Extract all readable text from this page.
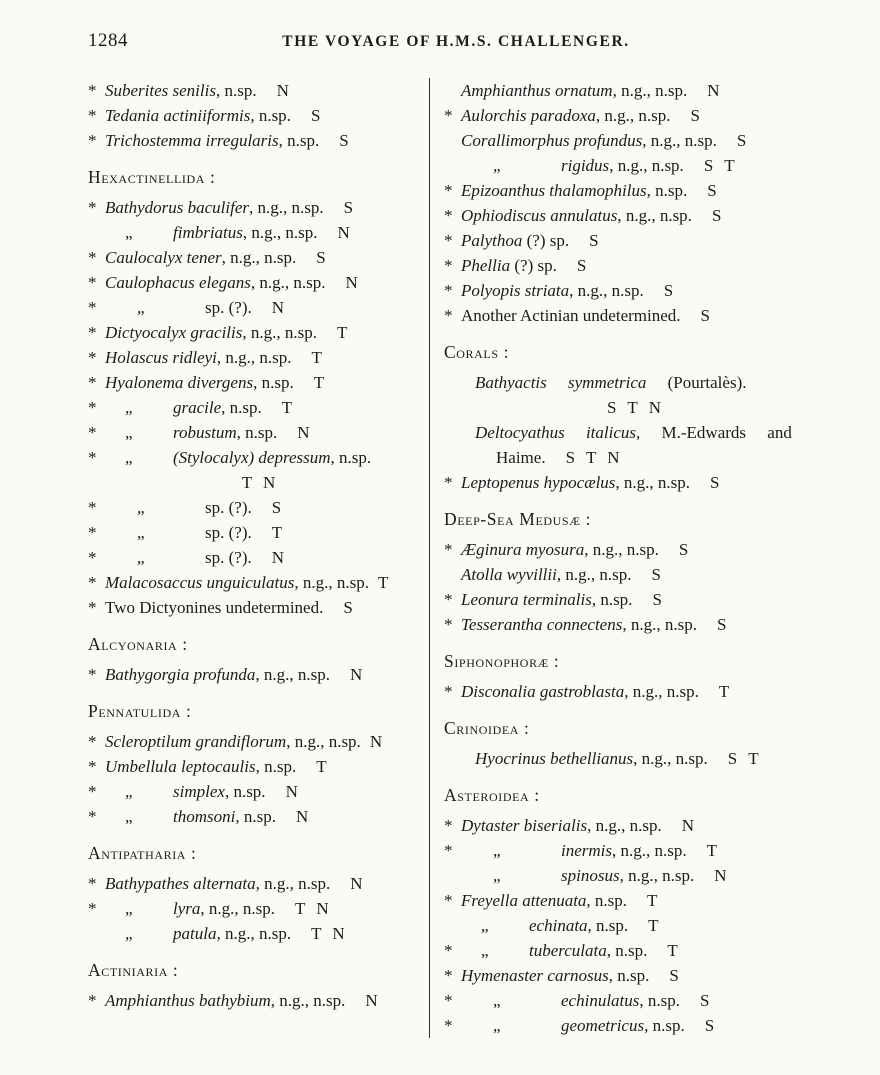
1284	THE VOYAGE OF H.M.S. CHALLENGER.
* Suberites senilis, n.sp. N
* Tedania actiniiformis, n.sp. S
* Trichostemma irregularis, n.sp. S
Hexactinellida :
* Bathydorus baculifer, n.g., n.sp. S
„ fimbriatus, n.g., n.sp. N
* Caulocalyx tener, n.g., n.sp. S
* Caulophacus elegans, n.g., n.sp. N
* „	sp. (?). N
* Dictyocalyx gracilis, n.g., n.sp. T
* Holascus ridleyi, n.g., n.sp. T
* Hyalonema divergens, n.sp. T
* „ gracile, n.sp. T
* „ robustum, n.sp. N
* „ (Stylocalyx) depressum, n.sp.
T N
* „	sp. (?). S
* „	sp. (?). T
* „	sp. (?). N
* Malacosaccus unguiculatus, n.g., n.sp. T
* Two Dictyonines undetermined. S
Alcyonaria :
* Bathygorgia profunda, n.g., n.sp. N
Pennatulida :
* Scleroptilum grandiflorum, n.g., n.sp. N
* Umbellula leptocaulis, n.sp. T
* „ simplex, n.sp. N
* „ thomsoni, n.sp. N
Antipatharia :
* Bathypathes alternata, n.g., n.sp. N
* „ lyra, n.g., n.sp. T N
„ patula, n.g., n.sp. T N
Actiniaria :
* Amphianthus bathybium, n.g., n.sp. N
Amphianthus ornatum, n.g., n.sp. N
* Aulorchis paradoxa, n.g., n.sp. S
Corallimorphus profundus, n.g., n.sp. S
„	rigidus, n.g., n.sp. S T
* Epizoanthus thalamophilus, n.sp. S
* Ophiodiscus annulatus, n.g., n.sp. S
* Palythoa (?) sp. S
* Phellia (?) sp. S
* Polyopis striata, n.g., n.sp. S
* Another Actinian undetermined. S
Corals :
Bathyactis symmetrica (Pourtalès).
S T N
Deltocyathus italicus, M.-Edwards and
Haime. S T N
* Leptopenus hypocælus, n.g., n.sp. S
Deep-Sea Medusæ :
* Æginura myosura, n.g., n.sp. S
Atolla wyvillii, n.g., n.sp. S
* Leonura terminalis, n.sp. S
* Tesserantha connectens, n.g., n.sp. S
Siphonophoræ :
* Disconalia gastroblasta, n.g., n.sp. T
Crinoidea :
Hyocrinus bethellianus, n.g., n.sp. S T
Asteroidea :
* Dytaster biserialis, n.g., n.sp. N
* „	inermis, n.g., n.sp. T
„	spinosus, n.g., n.sp. N
* Freyella attenuata, n.sp. T
„ echinata, n.sp. T
* „ tuberculata, n.sp. T
* Hymenaster carnosus, n.sp. S
* „	echinulatus, n.sp. S
* „	geometricus, n.sp. S
